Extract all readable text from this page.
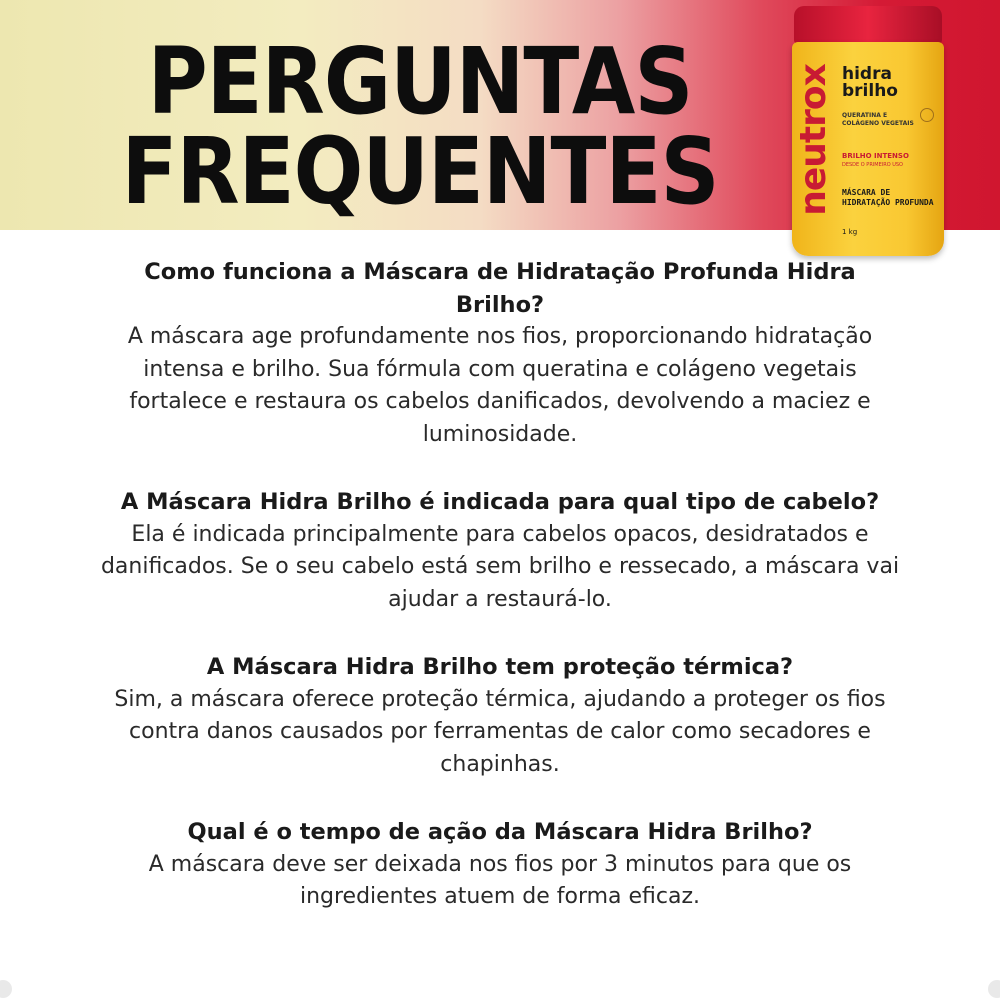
PERGUNTAS
FREQUENTES	neutrox hidra
brilho
QUERATINA E
COLÁGENO VEGETAIS
BRILHO INTENSO
DESDE O PRIMEIRO USO
MÁSCARA DE
HIDRATAÇÃO PROFUNDA
1 kg

Como funciona a Máscara de Hidratação Profunda Hidra Brilho?

A máscara age profundamente nos fios, proporcionando hidratação intensa e brilho. Sua fórmula com queratina e colágeno vegetais fortalece e restaura os cabelos danificados, devolvendo a maciez e luminosidade.

A Máscara Hidra Brilho é indicada para qual tipo de cabelo?

Ela é indicada principalmente para cabelos opacos, desidratados e danificados. Se o seu cabelo está sem brilho e ressecado, a máscara vai ajudar a restaurá-lo.

A Máscara Hidra Brilho tem proteção térmica?

Sim, a máscara oferece proteção térmica, ajudando a proteger os fios contra danos causados por ferramentas de calor como secadores e chapinhas.

Qual é o tempo de ação da Máscara Hidra Brilho?

A máscara deve ser deixada nos fios por 3 minutos para que os ingredientes atuem de forma eficaz.
